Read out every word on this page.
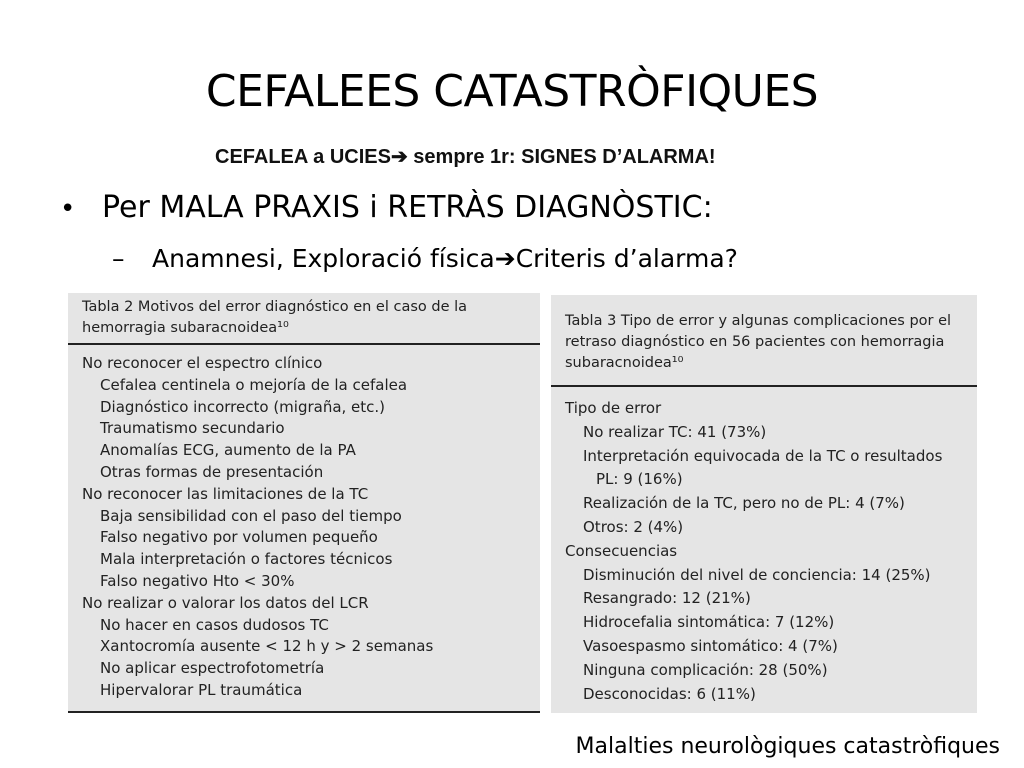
CEFALEES CATASTRÒFIQUES
CEFALEA a UCIES➔ sempre 1r: SIGNES D’ALARMA!
• Per MALA PRAXIS i RETRÀS DIAGNÒSTIC:
–	Anamnesi, Exploració física ➔ Criteris d’alarma?
Tabla 2 Motivos del error diagnóstico en el caso de la hemorragia subaracnoidea¹⁰
No reconocer el espectro clínico
Cefalea centinela o mejoría de la cefalea
Diagnóstico incorrecto (migraña, etc.)
Traumatismo secundario
Anomalías ECG, aumento de la PA
Otras formas de presentación
No reconocer las limitaciones de la TC
Baja sensibilidad con el paso del tiempo
Falso negativo por volumen pequeño
Mala interpretación o factores técnicos
Falso negativo Hto < 30%
No realizar o valorar los datos del LCR
No hacer en casos dudosos TC
Xantocromía ausente < 12 h y > 2 semanas
No aplicar espectrofotometría
Hipervalorar PL traumática
Tabla 3 Tipo de error y algunas complicaciones por el retraso diagnóstico en 56 pacientes con hemorragia subaracnoidea¹⁰
Tipo de error
No realizar TC: 41 (73%)
Interpretación equivocada de la TC o resultados
PL: 9 (16%)
Realización de la TC, pero no de PL: 4 (7%)
Otros: 2 (4%)
Consecuencias
Disminución del nivel de conciencia: 14 (25%)
Resangrado: 12 (21%)
Hidrocefalia sintomática: 7 (12%)
Vasoespasmo sintomático: 4 (7%)
Ninguna complicación: 28 (50%)
Desconocidas: 6 (11%)
Malalties neurològiques catastròfiques
